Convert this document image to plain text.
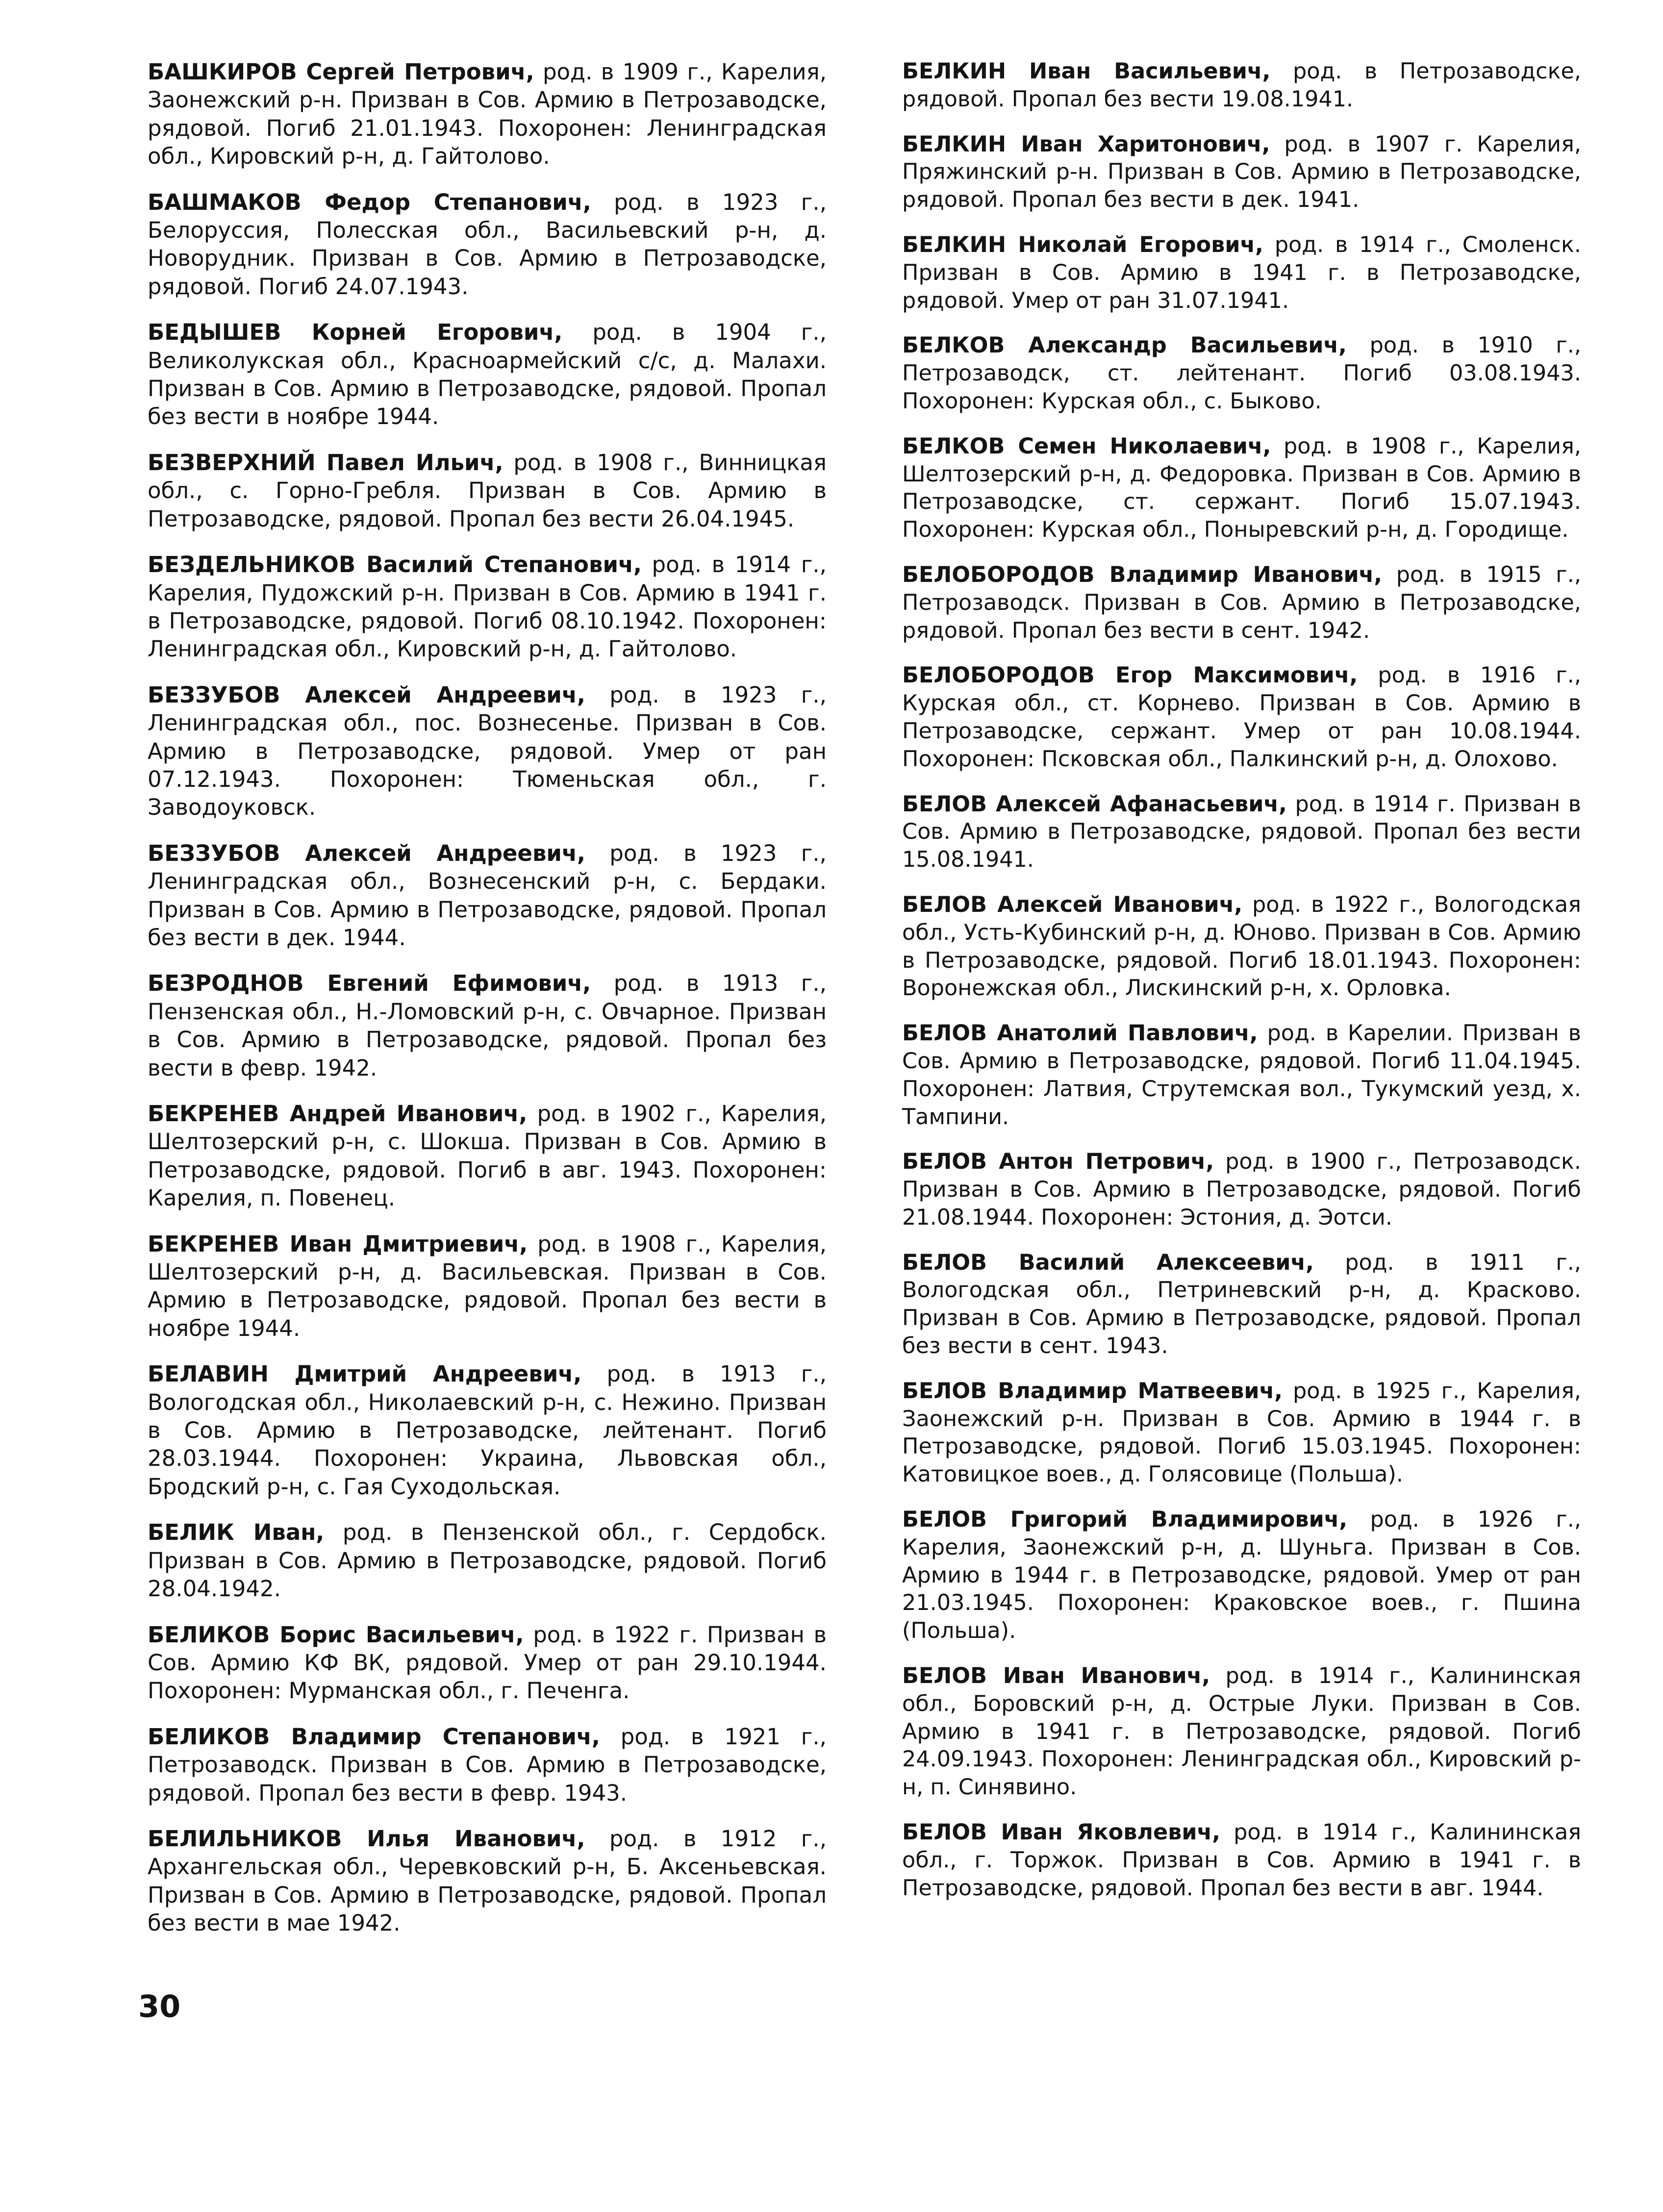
БАШКИРОВ Сергей Петрович, род. в 1909 г., Карелия, Заонежский р-н. Призван в Сов. Армию в Петрозаводске, рядовой. Погиб 21.01.1943. Похоронен: Ленинградская обл., Кировский р-н, д. Гайтолово.

БАШМАКОВ Федор Степанович, род. в 1923 г., Белоруссия, Полесская обл., Васильевский р-н, д. Новорудник. Призван в Сов. Армию в Петрозаводске, рядовой. Погиб 24.07.1943.

БЕДЫШЕВ Корней Егорович, род. в 1904 г., Великолукская обл., Красноармейский с/с, д. Малахи. Призван в Сов. Армию в Петрозаводске, рядовой. Пропал без вести в ноябре 1944.

БЕЗВЕРХНИЙ Павел Ильич, род. в 1908 г., Винницкая обл., с. Горно-Гребля. Призван в Сов. Армию в Петрозаводске, рядовой. Пропал без вести 26.04.1945.

БЕЗДЕЛЬНИКОВ Василий Степанович, род. в 1914 г., Карелия, Пудожский р-н. Призван в Сов. Армию в 1941 г. в Петрозаводске, рядовой. Погиб 08.10.1942. Похоронен: Ленинградская обл., Кировский р-н, д. Гайтолово.

БЕЗЗУБОВ Алексей Андреевич, род. в 1923 г., Ленинградская обл., пос. Вознесенье. Призван в Сов. Армию в Петрозаводске, рядовой. Умер от ран 07.12.1943. Похоронен: Тюменьская обл., г. Заводоуковск.

БЕЗЗУБОВ Алексей Андреевич, род. в 1923 г., Ленинградская обл., Вознесенский р-н, с. Бердаки. Призван в Сов. Армию в Петрозаводске, рядовой. Пропал без вести в дек. 1944.

БЕЗРОДНОВ Евгений Ефимович, род. в 1913 г., Пензенская обл., Н.-Ломовский р-н, с. Овчарное. Призван в Сов. Армию в Петрозаводске, рядовой. Пропал без вести в февр. 1942.

БЕКРЕНЕВ Андрей Иванович, род. в 1902 г., Карелия, Шелтозерский р-н, с. Шокша. Призван в Сов. Армию в Петрозаводске, рядовой. Погиб в авг. 1943. Похоронен: Карелия, п. Повенец.

БЕКРЕНЕВ Иван Дмитриевич, род. в 1908 г., Карелия, Шелтозерский р-н, д. Васильевская. Призван в Сов. Армию в Петрозаводске, рядовой. Пропал без вести в ноябре 1944.

БЕЛАВИН Дмитрий Андреевич, род. в 1913 г., Вологодская обл., Николаевский р-н, с. Нежино. Призван в Сов. Армию в Петрозаводске, лейтенант. Погиб 28.03.1944. Похоронен: Украина, Львовская обл., Бродский р-н, с. Гая Суходольская.

БЕЛИК Иван, род. в Пензенской обл., г. Сердобск. Призван в Сов. Армию в Петрозаводске, рядовой. Погиб 28.04.1942.

БЕЛИКОВ Борис Васильевич, род. в 1922 г. Призван в Сов. Армию КФ ВК, рядовой. Умер от ран 29.10.1944. Похоронен: Мурманская обл., г. Печенга.

БЕЛИКОВ Владимир Степанович, род. в 1921 г., Петрозаводск. Призван в Сов. Армию в Петрозаводске, рядовой. Пропал без вести в февр. 1943.

БЕЛИЛЬНИКОВ Илья Иванович, род. в 1912 г., Архангельская обл., Черевковский р-н, Б. Аксеньевская. Призван в Сов. Армию в Петрозаводске, рядовой. Пропал без вести в мае 1942.

БЕЛКИН Иван Васильевич, род. в Петрозаводске, рядовой. Пропал без вести 19.08.1941.

БЕЛКИН Иван Харитонович, род. в 1907 г. Карелия, Пряжинский р-н. Призван в Сов. Армию в Петрозаводске, рядовой. Пропал без вести в дек. 1941.

БЕЛКИН Николай Егорович, род. в 1914 г., Смоленск. Призван в Сов. Армию в 1941 г. в Петрозаводске, рядовой. Умер от ран 31.07.1941.

БЕЛКОВ Александр Васильевич, род. в 1910 г., Петрозаводск, ст. лейтенант. Погиб 03.08.1943. Похоронен: Курская обл., с. Быково.

БЕЛКОВ Семен Николаевич, род. в 1908 г., Карелия, Шелтозерский р-н, д. Федоровка. Призван в Сов. Армию в Петрозаводске, ст. сержант. Погиб 15.07.1943. Похоронен: Курская обл., Поныревский р-н, д. Городище.

БЕЛОБОРОДОВ Владимир Иванович, род. в 1915 г., Петрозаводск. Призван в Сов. Армию в Петрозаводске, рядовой. Пропал без вести в сент. 1942.

БЕЛОБОРОДОВ Егор Максимович, род. в 1916 г., Курская обл., ст. Корнево. Призван в Сов. Армию в Петрозаводске, сержант. Умер от ран 10.08.1944. Похоронен: Псковская обл., Палкинский р-н, д. Олохово.

БЕЛОВ Алексей Афанасьевич, род. в 1914 г. Призван в Сов. Армию в Петрозаводске, рядовой. Пропал без вести 15.08.1941.

БЕЛОВ Алексей Иванович, род. в 1922 г., Вологодская обл., Усть-Кубинский р-н, д. Юново. Призван в Сов. Армию в Петрозаводске, рядовой. Погиб 18.01.1943. Похоронен: Воронежская обл., Лискинский р-н, х. Орловка.

БЕЛОВ Анатолий Павлович, род. в Карелии. Призван в Сов. Армию в Петрозаводске, рядовой. Погиб 11.04.1945. Похоронен: Латвия, Струтемская вол., Тукумский уезд, х. Тампини.

БЕЛОВ Антон Петрович, род. в 1900 г., Петрозаводск. Призван в Сов. Армию в Петрозаводске, рядовой. Погиб 21.08.1944. Похоронен: Эстония, д. Эотси.

БЕЛОВ Василий Алексеевич, род. в 1911 г., Вологодская обл., Петриневский р-н, д. Красково. Призван в Сов. Армию в Петрозаводске, рядовой. Пропал без вести в сент. 1943.

БЕЛОВ Владимир Матвеевич, род. в 1925 г., Карелия, Заонежский р-н. Призван в Сов. Армию в 1944 г. в Петрозаводске, рядовой. Погиб 15.03.1945. Похоронен: Катовицкое воев., д. Голясовице (Польша).

БЕЛОВ Григорий Владимирович, род. в 1926 г., Карелия, Заонежский р-н, д. Шуньга. Призван в Сов. Армию в 1944 г. в Петрозаводске, рядовой. Умер от ран 21.03.1945. Похоронен: Краковское воев., г. Пшина (Польша).

БЕЛОВ Иван Иванович, род. в 1914 г., Калининская обл., Боровский р-н, д. Острые Луки. Призван в Сов. Армию в 1941 г. в Петрозаводске, рядовой. Погиб 24.09.1943. Похоронен: Ленинградская обл., Кировский р-н, п. Синявино.

БЕЛОВ Иван Яковлевич, род. в 1914 г., Калининская обл., г. Торжок. Призван в Сов. Армию в 1941 г. в Петрозаводске, рядовой. Пропал без вести в авг. 1944.

30
